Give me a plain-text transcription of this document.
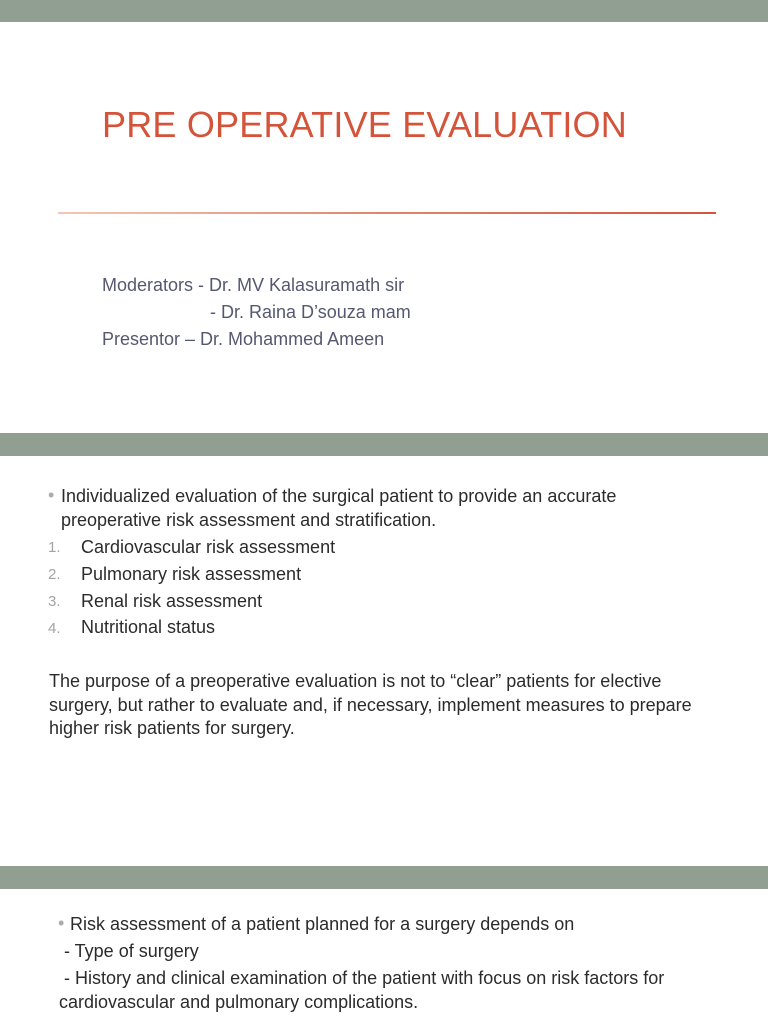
PRE OPERATIVE EVALUATION
Moderators - Dr. MV Kalasuramath sir
- Dr. Raina D’souza mam
Presentor – Dr. Mohammed Ameen
• Individualized evaluation of the surgical patient to provide an accurate preoperative risk assessment and stratification.
1. Cardiovascular risk assessment
2. Pulmonary risk assessment
3. Renal risk assessment
4. Nutritional status
The purpose of a preoperative evaluation is not to “clear” patients for elective surgery, but rather to evaluate and, if necessary, implement measures to prepare higher risk patients for surgery.
• Risk assessment of a patient planned for a surgery depends on
- Type of surgery
- History and clinical examination of the patient with focus on risk factors for cardiovascular and pulmonary complications.
